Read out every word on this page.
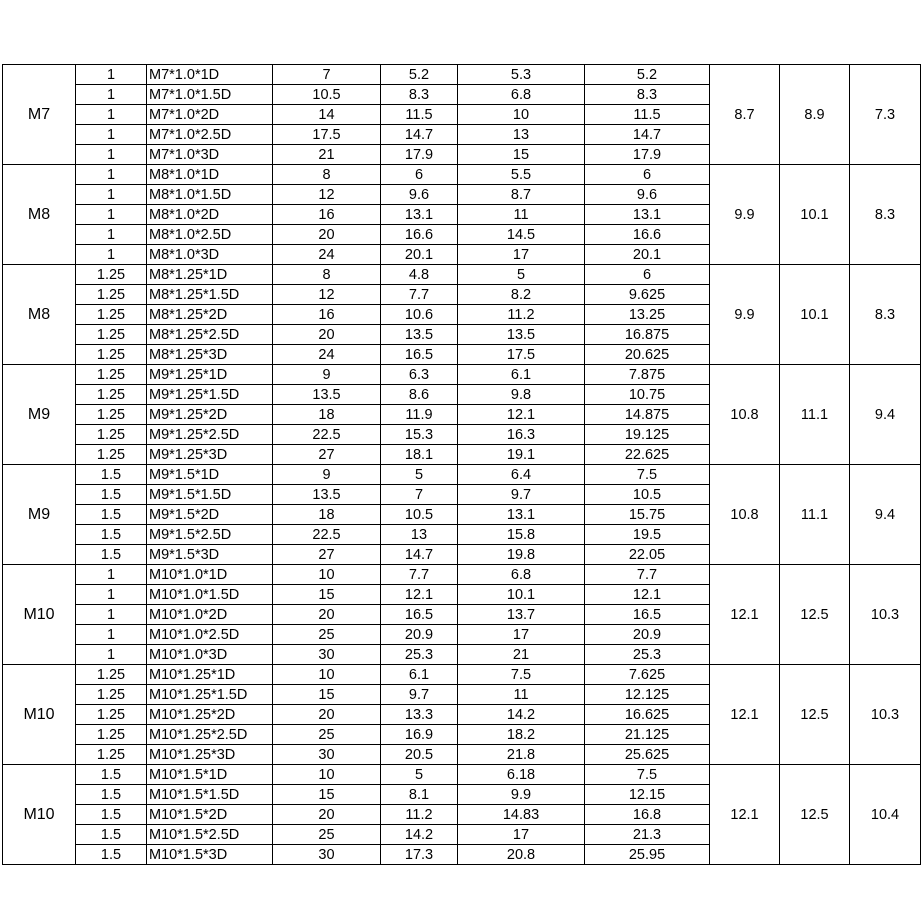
M7	1	M7*1.0*1D	7	5.2	5.3	5.2	8.7	8.9	7.3
	1	M7*1.0*1.5D	10.5	8.3	6.8	8.3			
	1	M7*1.0*2D	14	11.5	10	11.5			
	1	M7*1.0*2.5D	17.5	14.7	13	14.7			
	1	M7*1.0*3D	21	17.9	15	17.9			
M8	1	M8*1.0*1D	8	6	5.5	6	9.9	10.1	8.3
	1	M8*1.0*1.5D	12	9.6	8.7	9.6			
	1	M8*1.0*2D	16	13.1	11	13.1			
	1	M8*1.0*2.5D	20	16.6	14.5	16.6			
	1	M8*1.0*3D	24	20.1	17	20.1			
M8	1.25	M8*1.25*1D	8	4.8	5	6	9.9	10.1	8.3
	1.25	M8*1.25*1.5D	12	7.7	8.2	9.625			
	1.25	M8*1.25*2D	16	10.6	11.2	13.25			
	1.25	M8*1.25*2.5D	20	13.5	13.5	16.875			
	1.25	M8*1.25*3D	24	16.5	17.5	20.625			
M9	1.25	M9*1.25*1D	9	6.3	6.1	7.875	10.8	11.1	9.4
	1.25	M9*1.25*1.5D	13.5	8.6	9.8	10.75			
	1.25	M9*1.25*2D	18	11.9	12.1	14.875			
	1.25	M9*1.25*2.5D	22.5	15.3	16.3	19.125			
	1.25	M9*1.25*3D	27	18.1	19.1	22.625			
M9	1.5	M9*1.5*1D	9	5	6.4	7.5	10.8	11.1	9.4
	1.5	M9*1.5*1.5D	13.5	7	9.7	10.5			
	1.5	M9*1.5*2D	18	10.5	13.1	15.75			
	1.5	M9*1.5*2.5D	22.5	13	15.8	19.5			
	1.5	M9*1.5*3D	27	14.7	19.8	22.05			
M10	1	M10*1.0*1D	10	7.7	6.8	7.7	12.1	12.5	10.3
	1	M10*1.0*1.5D	15	12.1	10.1	12.1			
	1	M10*1.0*2D	20	16.5	13.7	16.5			
	1	M10*1.0*2.5D	25	20.9	17	20.9			
	1	M10*1.0*3D	30	25.3	21	25.3			
M10	1.25	M10*1.25*1D	10	6.1	7.5	7.625	12.1	12.5	10.3
	1.25	M10*1.25*1.5D	15	9.7	11	12.125			
	1.25	M10*1.25*2D	20	13.3	14.2	16.625			
	1.25	M10*1.25*2.5D	25	16.9	18.2	21.125			
	1.25	M10*1.25*3D	30	20.5	21.8	25.625			
M10	1.5	M10*1.5*1D	10	5	6.18	7.5	12.1	12.5	10.4
	1.5	M10*1.5*1.5D	15	8.1	9.9	12.15			
	1.5	M10*1.5*2D	20	11.2	14.83	16.8			
	1.5	M10*1.5*2.5D	25	14.2	17	21.3			
	1.5	M10*1.5*3D	30	17.3	20.8	25.95			
